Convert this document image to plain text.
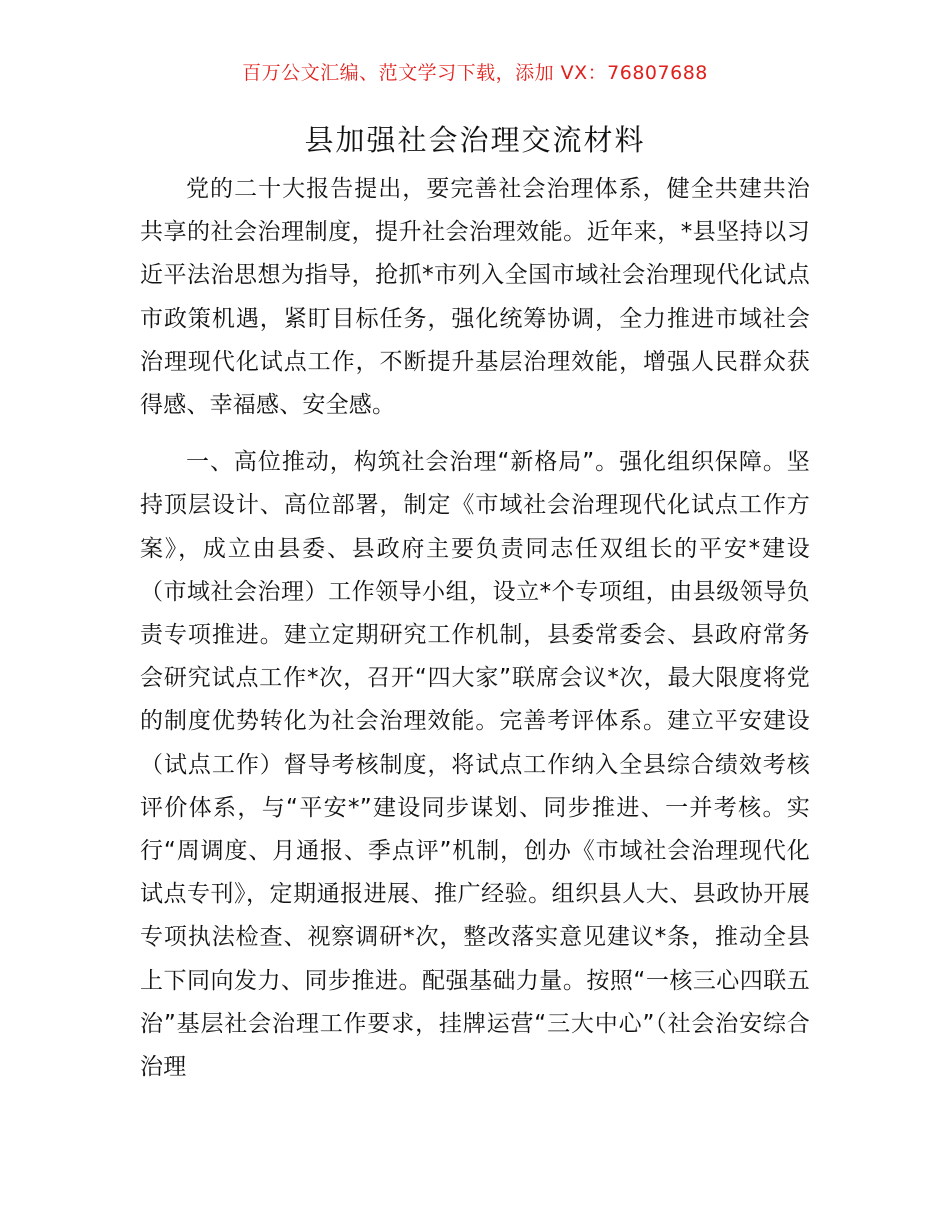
百万公文汇编、范文学习下载，添加 VX：76807688
县加强社会治理交流材料

党的二十大报告提出，要完善社会治理体系，健全共建共治共享的社会治理制度，提升社会治理效能。近年来，*县坚持以习近平法治思想为指导，抢抓*市列入全国市域社会治理现代化试点市政策机遇，紧盯目标任务，强化统筹协调，全力推进市域社会治理现代化试点工作，不断提升基层治理效能，增强人民群众获得感、幸福感、安全感。

一、高位推动，构筑社会治理“新格局”。强化组织保障。坚持顶层设计、高位部署，制定《市域社会治理现代化试点工作方案》，成立由县委、县政府主要负责同志任双组长的平安*建设（市域社会治理）工作领导小组，设立*个专项组，由县级领导负责专项推进。建立定期研究工作机制，县委常委会、县政府常务会研究试点工作*次，召开“四大家”联席会议*次，最大限度将党的制度优势转化为社会治理效能。完善考评体系。建立平安建设（试点工作）督导考核制度，将试点工作纳入全县综合绩效考核评价体系，与“平安*”建设同步谋划、同步推进、一并考核。实行“周调度、月通报、季点评”机制，创办《市域社会治理现代化试点专刊》，定期通报进展、推广经验。组织县人大、县政协开展专项执法检查、视察调研*次，整改落实意见建议*条，推动全县上下同向发力、同步推进。配强基础力量。按照“一核三心四联五治”基层社会治理工作要求，挂牌运营“三大中心”（社会治安综合治理
